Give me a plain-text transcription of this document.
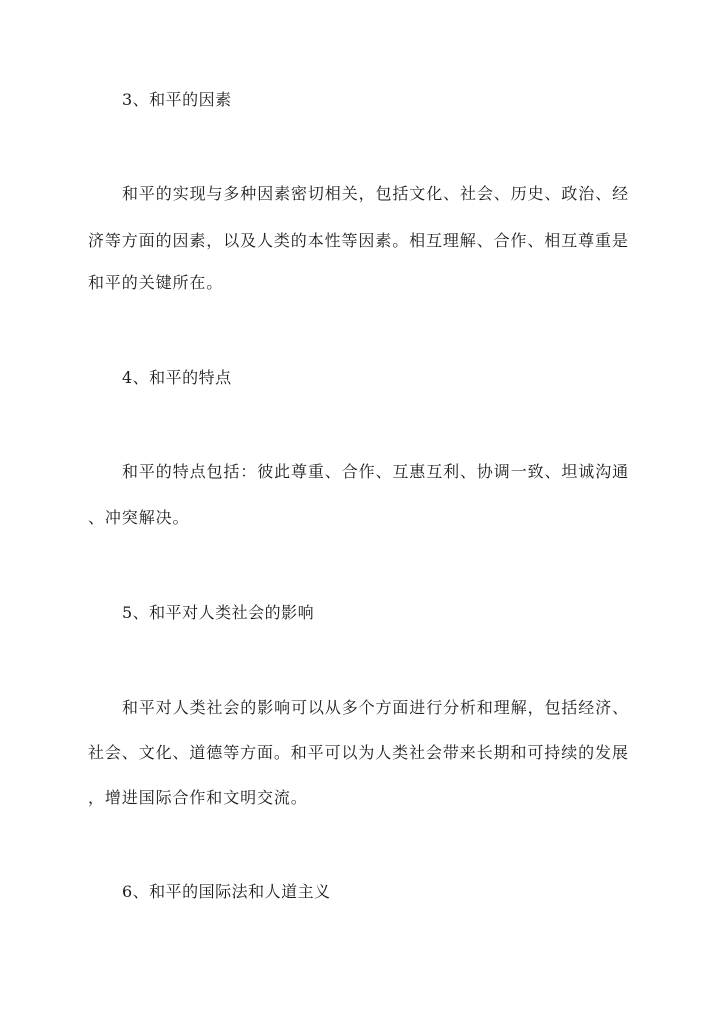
3、和平的因素
和平的实现与多种因素密切相关，包括文化、社会、历史、政治、经
济等方面的因素，以及人类的本性等因素。相互理解、合作、相互尊重是
和平的关键所在。
4、和平的特点
和平的特点包括：彼此尊重、合作、互惠互利、协调一致、坦诚沟通
、冲突解决。
5、和平对人类社会的影响
和平对人类社会的影响可以从多个方面进行分析和理解，包括经济、
社会、文化、道德等方面。和平可以为人类社会带来长期和可持续的发展
，增进国际合作和文明交流。
6、和平的国际法和人道主义
